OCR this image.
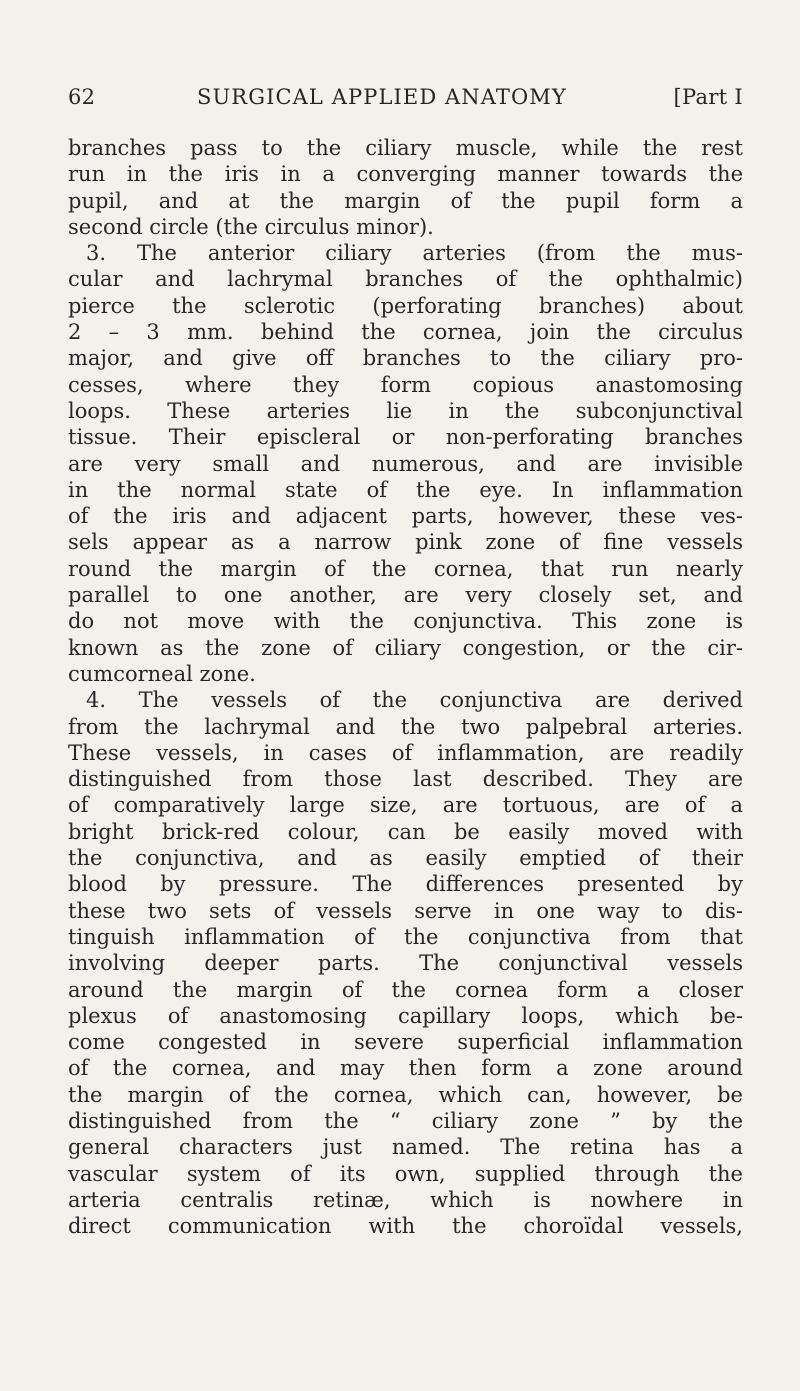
62	SURGICAL APPLIED ANATOMY	[Part I
branches pass to the ciliary muscle, while the rest
run in the iris in a converging manner towards the
pupil, and at the margin of the pupil form a
second circle (the circulus minor).
3. The anterior ciliary arteries (from the mus-
cular and lachrymal branches of the ophthalmic)
pierce the sclerotic (perforating branches) about
2 – 3 mm. behind the cornea, join the circulus
major, and give off branches to the ciliary pro-
cesses, where they form copious anastomosing
loops. These arteries lie in the subconjunctival
tissue. Their episcleral or non-perforating branches
are very small and numerous, and are invisible
in the normal state of the eye. In inflammation
of the iris and adjacent parts, however, these ves-
sels appear as a narrow pink zone of fine vessels
round the margin of the cornea, that run nearly
parallel to one another, are very closely set, and
do not move with the conjunctiva. This zone is
known as the zone of ciliary congestion, or the cir-
cumcorneal zone.
4. The vessels of the conjunctiva are derived
from the lachrymal and the two palpebral arteries.
These vessels, in cases of inflammation, are readily
distinguished from those last described. They are
of comparatively large size, are tortuous, are of a
bright brick-red colour, can be easily moved with
the conjunctiva, and as easily emptied of their
blood by pressure. The differences presented by
these two sets of vessels serve in one way to dis-
tinguish inflammation of the conjunctiva from that
involving deeper parts. The conjunctival vessels
around the margin of the cornea form a closer
plexus of anastomosing capillary loops, which be-
come congested in severe superficial inflammation
of the cornea, and may then form a zone around
the margin of the cornea, which can, however, be
distinguished from the “ ciliary zone ” by the
general characters just named. The retina has a
vascular system of its own, supplied through the
arteria centralis retinæ, which is nowhere in
direct communication with the choroïdal vessels,
